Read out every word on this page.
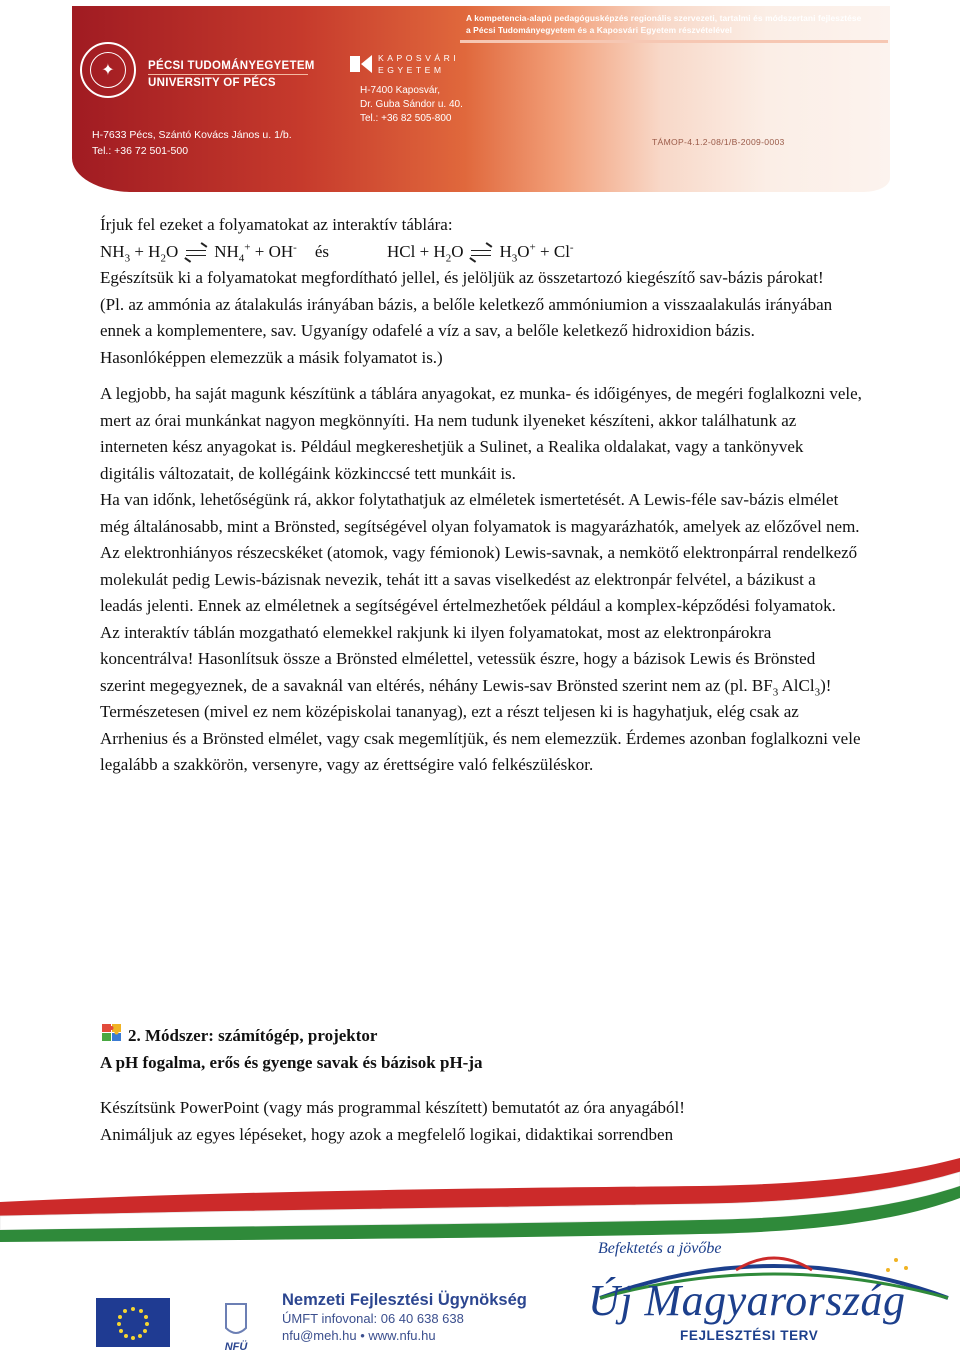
A kompetencia-alapú pedagógusképzés regionális szervezeti, tartalmi és módszertani fejlesztése
a Pécsi Tudományegyetem és a Kaposvári Egyetem részvételével
✦	PÉCSI TUDOMÁNYEGYETEM
UNIVERSITY OF PÉCS
H-7633 Pécs, Szántó Kovács János u. 1/b.
Tel.: +36 72 501-500
KAPOSVÁRI
EGYETEM
H-7400 Kaposvár,
Dr. Guba Sándor u. 40.
Tel.: +36 82 505-800
TÁMOP-4.1.2-08/1/B-2009-0003

Írjuk fel ezeket a folyamatokat az interaktív táblára:

$NH_3 + H_2O$ $NH_4^+ + OH^-$ és	HCl + $H_2O$ $H_3O^+ + Cl^-$

Egészítsük ki a folyamatokat megfordítható jellel, és jelöljük az összetartozó kiegészítő sav-bázis párokat!

(Pl. az ammónia az átalakulás irányában bázis, a belőle keletkező ammóniumion a visszaalakulás irányában ennek a komplementere, sav. Ugyanígy odafelé a víz a sav, a belőle keletkező hidroxidion bázis. Hasonlóképpen elemezzük a másik folyamatot is.)

A legjobb, ha saját magunk készítünk a táblára anyagokat, ez munka- és időigényes, de megéri foglalkozni vele, mert az órai munkánkat nagyon megkönnyíti. Ha nem tudunk ilyeneket készíteni, akkor találhatunk az interneten kész anyagokat is. Például megkereshetjük a Sulinet, a Realika oldalakat, vagy a tankönyvek digitális változatait, de kollégáink közkinccsé tett munkáit is.

Ha van időnk, lehetőségünk rá, akkor folytathatjuk az elméletek ismertetését. A Lewis-féle sav-bázis elmélet még általánosabb, mint a Brönsted, segítségével olyan folyamatok is magyarázhatók, amelyek az előzővel nem. Az elektronhiányos részecskéket (atomok, vagy fémionok) Lewis-savnak, a nemkötő elektronpárral rendelkező molekulát pedig Lewis-bázisnak nevezik, tehát itt a savas viselkedést az elektronpár felvétel, a bázikust a leadás jelenti. Ennek az elméletnek a segítségével értelmezhetőek például a komplex-képződési folyamatok.

Az interaktív táblán mozgatható elemekkel rakjunk ki ilyen folyamatokat, most az elektronpárokra koncentrálva! Hasonlítsuk össze a Brönsted elmélettel, vetessük észre, hogy a bázisok Lewis és Brönsted szerint megegyeznek, de a savaknál van eltérés, néhány Lewis-sav Brönsted szerint nem az (pl. $BF_3$ AlCl$_3$)!

Természetesen (mivel ez nem középiskolai tananyag), ezt a részt teljesen ki is hagyhatjuk, elég csak az Arrhenius és a Brönsted elmélet, vagy csak megemlítjük, és nem elemezzük. Érdemes azonban foglalkozni vele legalább a szakkörön, versenyre, vagy az érettségire való felkészüléskor.

2. Módszer: számítógép, projektor
A pH fogalma, erős és gyenge savak és bázisok pH-ja

Készítsünk PowerPoint (vagy más programmal készített) bemutatót az óra anyagából!

Animáljuk az egyes lépéseket, hogy azok a megfelelő logikai, didaktikai sorrendben

NFÜ
Nemzeti Fejlesztési Ügynökség
ÚMFT infovonal: 06 40 638 638
nfu@meh.hu • www.nfu.hu
Befektetés a jövőbe
Új Magyarország
FEJLESZTÉSI TERV
